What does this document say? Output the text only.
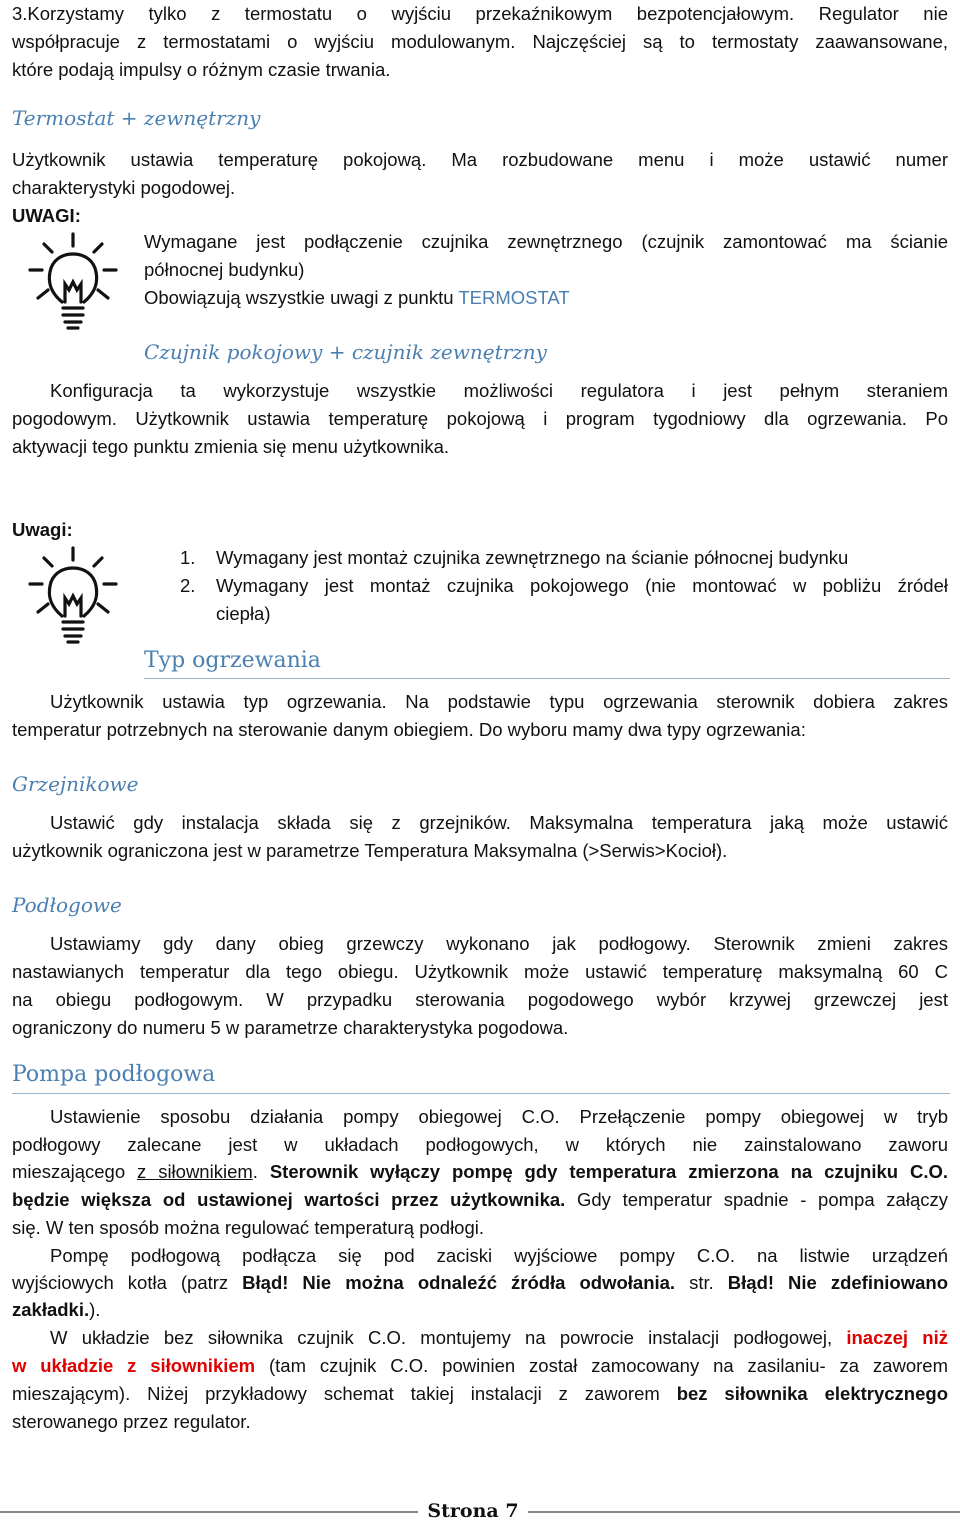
3.Korzystamy tylko z termostatu o wyjściu przekaźnikowym bezpotencjałowym. Regulator nie
współpracuje z termostatami o wyjściu modulowanym. Najczęściej są to termostaty zaawansowane,
które podają impulsy o różnym czasie trwania.
Termostat + zewnętrzny
Użytkownik ustawia temperaturę pokojową. Ma rozbudowane menu i może ustawić numer
charakterystyki pogodowej.
UWAGI:
Wymagane jest podłączenie czujnika zewnętrznego (czujnik zamontować ma ścianie
północnej budynku)
Obowiązują wszystkie uwagi z punktu TERMOSTAT
Czujnik pokojowy + czujnik zewnętrzny
Konfiguracja ta wykorzystuje wszystkie możliwości regulatora i jest pełnym steraniem
pogodowym. Użytkownik ustawia temperaturę pokojową i program tygodniowy dla ogrzewania. Po
aktywacji tego punktu zmienia się menu użytkownika.
Uwagi:
1. Wymagany jest montaż czujnika zewnętrznego na ścianie północnej budynku
2. Wymagany jest montaż czujnika pokojowego (nie montować w pobliżu źródeł
ciepła)
Typ ogrzewania
Użytkownik ustawia typ ogrzewania. Na podstawie typu ogrzewania sterownik dobiera zakres
temperatur potrzebnych na sterowanie danym obiegiem. Do wyboru mamy dwa typy ogrzewania:
Grzejnikowe
Ustawić gdy instalacja składa się z grzejników. Maksymalna temperatura jaką może ustawić
użytkownik ograniczona jest w parametrze Temperatura Maksymalna (>Serwis>Kocioł).
Podłogowe
Ustawiamy gdy dany obieg grzewczy wykonano jak podłogowy. Sterownik zmieni zakres
nastawianych temperatur dla tego obiegu. Użytkownik może ustawić temperaturę maksymalną 60 C
na obiegu podłogowym. W przypadku sterowania pogodowego wybór krzywej grzewczej jest
ograniczony do numeru 5 w parametrze charakterystyka pogodowa.
Pompa podłogowa
Ustawienie sposobu działania pompy obiegowej C.O. Przełączenie pompy obiegowej w tryb
podłogowy zalecane jest w układach podłogowych, w których nie zainstalowano zaworu
mieszającego z siłownikiem. Sterownik wyłączy pompę gdy temperatura zmierzona na czujniku C.O.
będzie większa od ustawionej wartości przez użytkownika. Gdy temperatur spadnie - pompa załączy
się. W ten sposób można regulować temperaturą podłogi.
Pompę podłogową podłącza się pod zaciski wyjściowe pompy C.O. na listwie urządzeń
wyjściowych kotła (patrz Błąd! Nie można odnaleźć źródła odwołania. str. Błąd! Nie zdefiniowano
zakładki.).
W układzie bez siłownika czujnik C.O. montujemy na powrocie instalacji podłogowej, inaczej niż
w układzie z siłownikiem (tam czujnik C.O. powinien został zamocowany na zasilaniu- za zaworem
mieszającym). Niżej przykładowy schemat takiej instalacji z zaworem bez siłownika elektrycznego
sterowanego przez regulator.
Strona 7
